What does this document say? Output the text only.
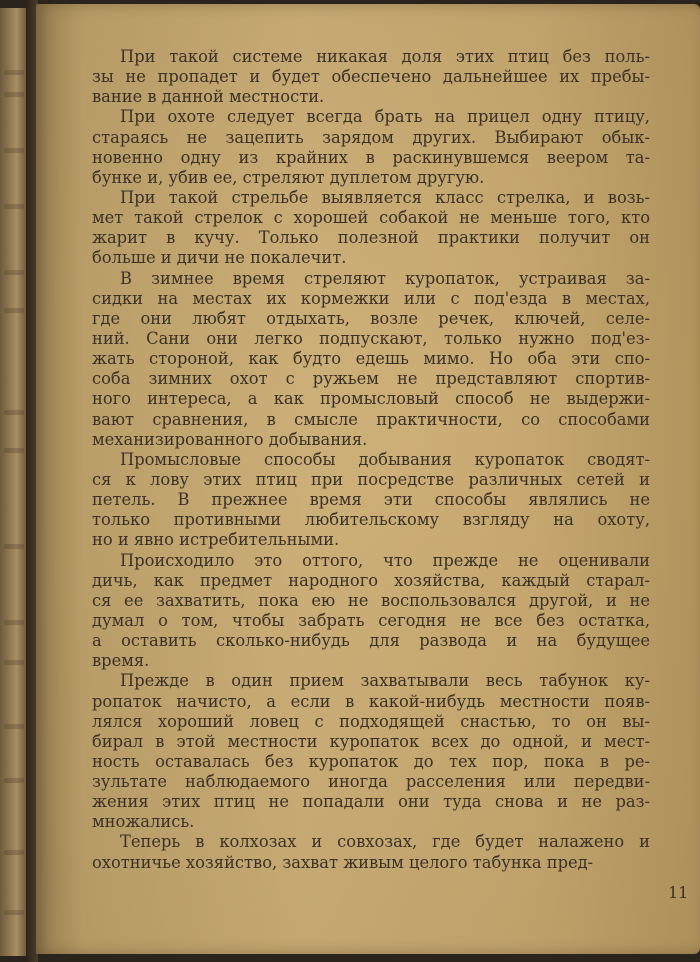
При такой системе никакая доля этих птиц без поль-
зы не пропадет и будет обеспечено дальнейшее их пребы-
вание в данной местности.
При охоте следует всегда брать на прицел одну птицу,
стараясь не зацепить зарядом других. Выбирают обык-
новенно одну из крайних в раскинувшемся веером та-
бунке и, убив ее, стреляют дуплетом другую.
При такой стрельбе выявляется класс стрелка, и возь-
мет такой стрелок с хорошей собакой не меньше того, кто
жарит в кучу. Только полезной практики получит он
больше и дичи не покалечит.
В зимнее время стреляют куропаток, устраивая за-
сидки на местах их кормежки или с под'езда в местах,
где они любят отдыхать, возле речек, ключей, селе-
ний. Сани они легко подпускают, только нужно под'ез-
жать стороной, как будто едешь мимо. Но оба эти спо-
соба зимних охот с ружьем не представляют спортив-
ного интереса, а как промысловый способ не выдержи-
вают сравнения, в смысле практичности, со способами
механизированного добывания.
Промысловые способы добывания куропаток сводят-
ся к лову этих птиц при посредстве различных сетей и
петель. В прежнее время эти способы являлись не
только противными любительскому взгляду на охоту,
но и явно истребительными.
Происходило это оттого, что прежде не оценивали
дичь, как предмет народного хозяйства, каждый старал-
ся ее захватить, пока ею не воспользовался другой, и не
думал о том, чтобы забрать сегодня не все без остатка,
а оставить сколько-нибудь для развода и на будущее
время.
Прежде в один прием захватывали весь табунок ку-
ропаток начисто, а если в какой-нибудь местности появ-
лялся хороший ловец с подходящей снастью, то он вы-
бирал в этой местности куропаток всех до одной, и мест-
ность оставалась без куропаток до тех пор, пока в ре-
зультате наблюдаемого иногда расселения или передви-
жения этих птиц не попадали они туда снова и не раз-
множались.
Теперь в колхозах и совхозах, где будет налажено и
охотничье хозяйство, захват живым целого табунка пред-
11
